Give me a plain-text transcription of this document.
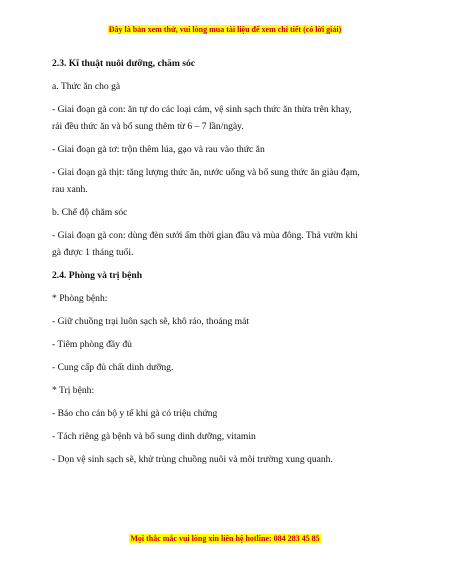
Đây là bản xem thử, vui lòng mua tài liệu để xem chi tiết (có lời giải)
2.3. Kĩ thuật nuôi dưỡng, chăm sóc
a. Thức ăn cho gà
- Giai đoạn gà con: ăn tự do các loại cám, vệ sinh sạch thức ăn thừa trên khay,
rải đều thức ăn và bổ sung thêm từ 6 – 7 lần/ngày.
- Giai đoạn gà tơ: trộn thêm lúa, gạo và rau vào thức ăn
- Giai đoạn gà thịt: tăng lượng thức ăn, nước uống và bổ sung thức ăn giàu đạm,
rau xanh.
b. Chế độ chăm sóc
- Giai đoạn gà con: dùng đèn sưởi ấm thời gian đầu và mùa đông. Thả vườn khi
gà được 1 tháng tuổi.
2.4. Phòng và trị bệnh
* Phòng bệnh:
- Giữ chuồng trại luôn sạch sẽ, khô ráo, thoáng mát
- Tiêm phòng đầy đủ
- Cung cấp đủ chất dinh dưỡng.
* Trị bệnh:
- Báo cho cán bộ y tế khi gà có triệu chứng
- Tách riêng gà bệnh và bổ sung dinh dưỡng, vitamin
- Dọn vệ sinh sạch sẽ, khử trùng chuồng nuôi và môi trường xung quanh.
Mọi thắc mắc vui lòng xin liên hệ hotline: 084 283 45 85
